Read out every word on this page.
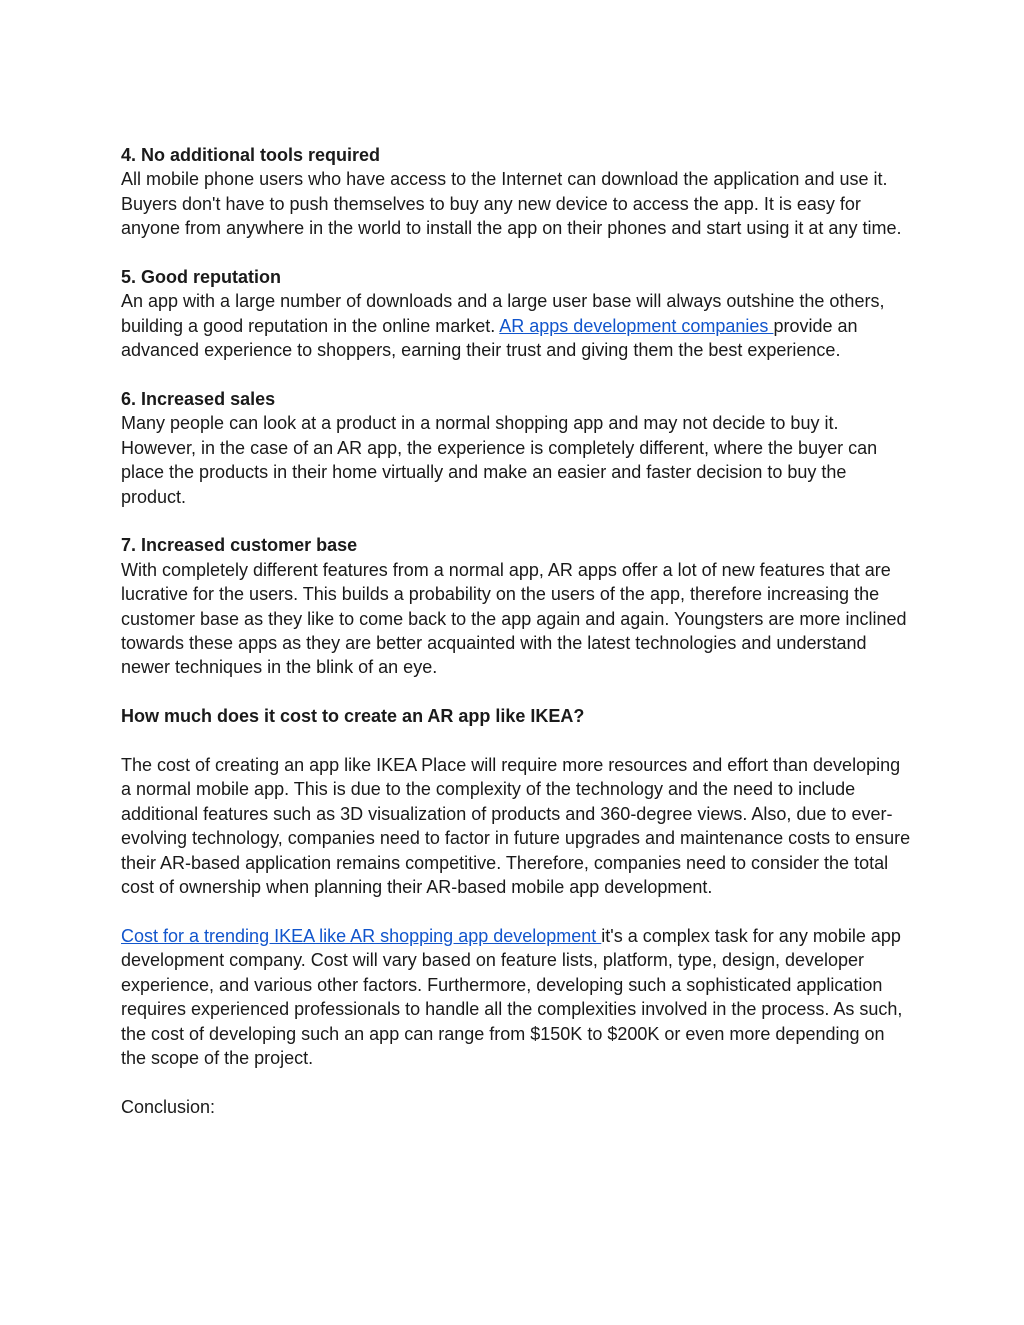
4. No additional tools required

All mobile phone users who have access to the Internet can download the application and use it. Buyers don't have to push themselves to buy any new device to access the app. It is easy for anyone from anywhere in the world to install the app on their phones and start using it at any time.

5. Good reputation

An app with a large number of downloads and a large user base will always outshine the others, building a good reputation in the online market. AR apps development companies provide an advanced experience to shoppers, earning their trust and giving them the best experience.

6. Increased sales

Many people can look at a product in a normal shopping app and may not decide to buy it. However, in the case of an AR app, the experience is completely different, where the buyer can place the products in their home virtually and make an easier and faster decision to buy the product.

7. Increased customer base

With completely different features from a normal app, AR apps offer a lot of new features that are lucrative for the users. This builds a probability on the users of the app, therefore increasing the customer base as they like to come back to the app again and again. Youngsters are more inclined towards these apps as they are better acquainted with the latest technologies and understand newer techniques in the blink of an eye.

How much does it cost to create an AR app like IKEA?

The cost of creating an app like IKEA Place will require more resources and effort than developing a normal mobile app. This is due to the complexity of the technology and the need to include additional features such as 3D visualization of products and 360-degree views. Also, due to ever-evolving technology, companies need to factor in future upgrades and maintenance costs to ensure their AR-based application remains competitive. Therefore, companies need to consider the total cost of ownership when planning their AR-based mobile app development.

Cost for a trending IKEA like AR shopping app development it's a complex task for any mobile app development company. Cost will vary based on feature lists, platform, type, design, developer experience, and various other factors. Furthermore, developing such a sophisticated application requires experienced professionals to handle all the complexities involved in the process. As such, the cost of developing such an app can range from $150K to $200K or even more depending on the scope of the project.

Conclusion:
